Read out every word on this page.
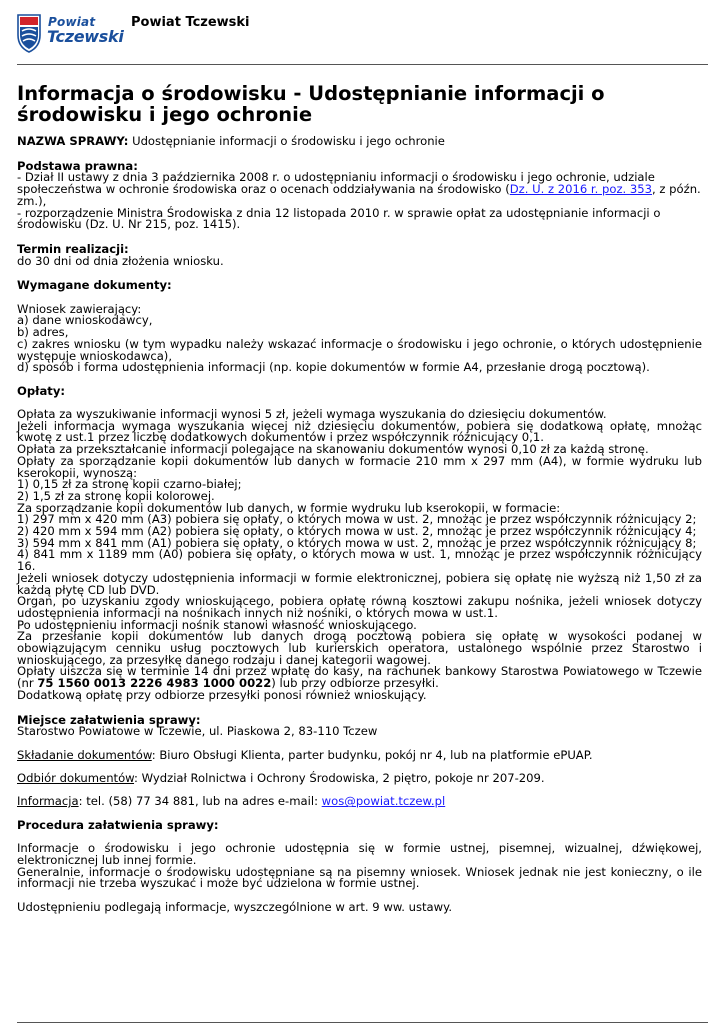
Powiat
Tczewski
Powiat Tczewski
Informacja o środowisku - Udostępnianie informacji o środowisku i jego ochronie

NAZWA SPRAWY: Udostępnianie informacji o środowisku i jego ochronie

Podstawa prawna:

- Dział II ustawy z dnia 3 października 2008 r. o udostępnianiu informacji o środowisku i jego ochronie, udziale społeczeństwa w ochronie środowiska oraz o ocenach oddziaływania na środowisko (Dz. U. z 2016 r. poz. 353, z późn. zm.),

- rozporządzenie Ministra Środowiska z dnia 12 listopada 2010 r. w sprawie opłat za udostępnianie informacji o środowisku (Dz. U. Nr 215, poz. 1415).

Termin realizacji:

do 30 dni od dnia złożenia wniosku.

Wymagane dokumenty:

Wniosek zawierający:

a) dane wnioskodawcy,

b) adres,

c) zakres wniosku (w tym wypadku należy wskazać informacje o środowisku i jego ochronie, o których udostępnienie występuje wnioskodawca),

d) sposób i forma udostępnienia informacji (np. kopie dokumentów w formie A4, przesłanie drogą pocztową).

Opłaty:

Opłata za wyszukiwanie informacji wynosi 5 zł, jeżeli wymaga wyszukania do dziesięciu dokumentów.

Jeżeli informacja wymaga wyszukania więcej niż dziesięciu dokumentów, pobiera się dodatkową opłatę, mnożąc kwotę z ust.1 przez liczbę dodatkowych dokumentów i przez współczynnik różnicujący 0,1.

Opłata za przekształcanie informacji polegające na skanowaniu dokumentów wynosi 0,10 zł za każdą stronę.

Opłaty za sporządzanie kopii dokumentów lub danych w formacie 210 mm x 297 mm (A4), w formie wydruku lub kserokopii, wynoszą:

1) 0,15 zł za stronę kopii czarno-białej;

2) 1,5 zł za stronę kopii kolorowej.

Za sporządzanie kopii dokumentów lub danych, w formie wydruku lub kserokopii, w formacie:

1) 297 mm x 420 mm (A3) pobiera się opłaty, o których mowa w ust. 2, mnożąc je przez współczynnik różnicujący 2;

2) 420 mm x 594 mm (A2) pobiera się opłaty, o których mowa w ust. 2, mnożąc je przez współczynnik różnicujący 4;

3) 594 mm x 841 mm (A1) pobiera się opłaty, o których mowa w ust. 2, mnożąc je przez współczynnik różnicujący 8;

4) 841 mm x 1189 mm (A0) pobiera się opłaty, o których mowa w ust. 1, mnożąc je przez współczynnik różnicujący 16.

Jeżeli wniosek dotyczy udostępnienia informacji w formie elektronicznej, pobiera się opłatę nie wyższą niż 1,50 zł za każdą płytę CD lub DVD.

Organ, po uzyskaniu zgody wnioskującego, pobiera opłatę równą kosztowi zakupu nośnika, jeżeli wniosek dotyczy udostępnienia informacji na nośnikach innych niż nośniki, o których mowa w ust.1.

Po udostępnieniu informacji nośnik stanowi własność wnioskującego.

Za przesłanie kopii dokumentów lub danych drogą pocztową pobiera się opłatę w wysokości podanej w obowiązującym cenniku usług pocztowych lub kurierskich operatora, ustalonego wspólnie przez Starostwo i wnioskującego, za przesyłkę danego rodzaju i danej kategorii wagowej.

Opłaty uiszcza się w terminie 14 dni przez wpłatę do kasy, na rachunek bankowy Starostwa Powiatowego w Tczewie (nr 75 1560 0013 2226 4983 1000 0022) lub przy odbiorze przesyłki.

Dodatkową opłatę przy odbiorze przesyłki ponosi również wnioskujący.

Miejsce załatwienia sprawy:

Starostwo Powiatowe w Tczewie, ul. Piaskowa 2, 83-110 Tczew

Składanie dokumentów: Biuro Obsługi Klienta, parter budynku, pokój nr 4, lub na platformie ePUAP.

Odbiór dokumentów: Wydział Rolnictwa i Ochrony Środowiska, 2 piętro, pokoje nr 207-209.

Informacja: tel. (58) 77 34 881, lub na adres e-mail: wos@powiat.tczew.pl

Procedura załatwienia sprawy:

Informacje o środowisku i jego ochronie udostępnia się w formie ustnej, pisemnej, wizualnej, dźwiękowej, elektronicznej lub innej formie.

Generalnie, informacje o środowisku udostępniane są na pisemny wniosek. Wniosek jednak nie jest konieczny, o ile informacji nie trzeba wyszukać i może być udzielona w formie ustnej.

Udostępnieniu podlegają informacje, wyszczególnione w art. 9 ww. ustawy.
